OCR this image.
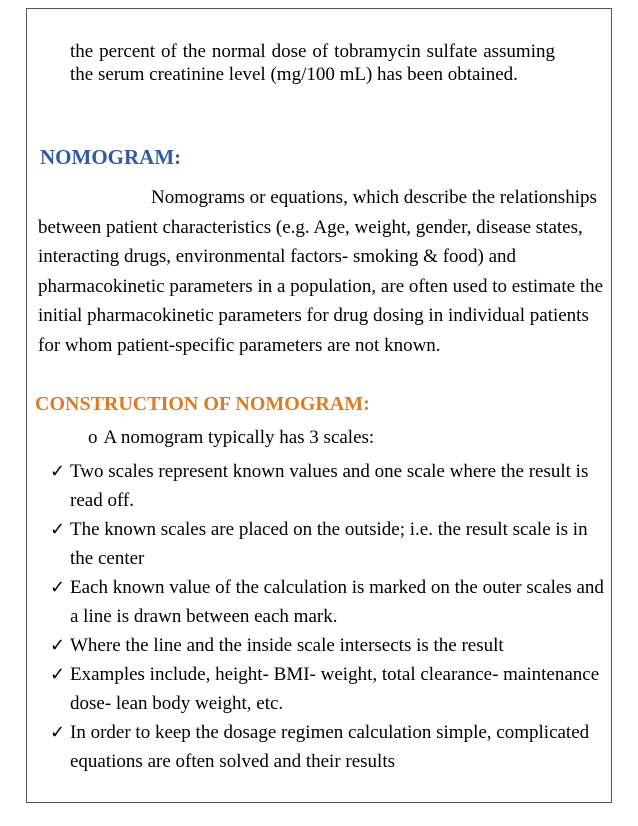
the percent of the normal dose of tobramycin sulfate assuming the serum creatinine level (mg/100 mL) has been obtained.
NOMOGRAM:
Nomograms or equations, which describe the relationships between patient characteristics (e.g. Age, weight, gender, disease states, interacting drugs, environmental factors- smoking & food) and pharmacokinetic parameters in a population, are often used to estimate the initial pharmacokinetic parameters for drug dosing in individual patients for whom patient-specific parameters are not known.
CONSTRUCTION OF NOMOGRAM:
o A nomogram typically has 3 scales:
✓ Two scales represent known values and one scale where the result is read off.
✓ The known scales are placed on the outside; i.e. the result scale is in the center
✓ Each known value of the calculation is marked on the outer scales and a line is drawn between each mark.
✓ Where the line and the inside scale intersects is the result
✓ Examples include, height- BMI- weight, total clearance- maintenance dose- lean body weight, etc.
✓ In order to keep the dosage regimen calculation simple, complicated equations are often solved and their results
